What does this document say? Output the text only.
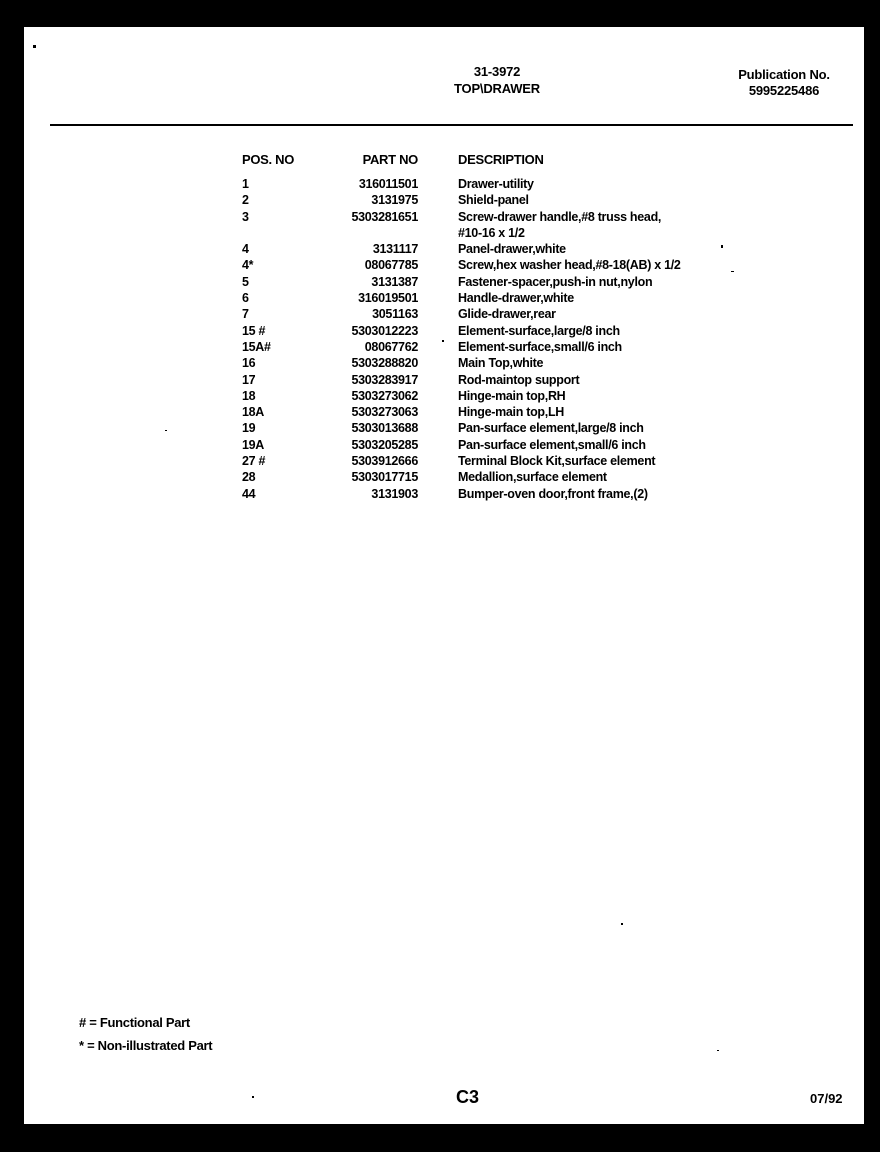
31-3972
TOP\DRAWER
Publication No.
5995225486
POS. NO	PART NO		DESCRIPTION
1	316011501		Drawer-utility
2	3131975		Shield-panel
3	5303281651		Screw-drawer handle,#8 truss head,
			#10-16 x 1/2
4	3131117		Panel-drawer,white
4*	08067785		Screw,hex washer head,#8-18(AB) x 1/2
5	3131387		Fastener-spacer,push-in nut,nylon
6	316019501		Handle-drawer,white
7	3051163		Glide-drawer,rear
15 #	5303012223		Element-surface,large/8 inch
15A#	08067762		Element-surface,small/6 inch
16	5303288820		Main Top,white
17	5303283917		Rod-maintop support
18	5303273062		Hinge-main top,RH
18A	5303273063		Hinge-main top,LH
19	5303013688		Pan-surface element,large/8 inch
19A	5303205285		Pan-surface element,small/6 inch
27 #	5303912666		Terminal Block Kit,surface element
28	5303017715		Medallion,surface element
44	3131903		Bumper-oven door,front frame,(2)
# = Functional Part
* = Non-illustrated Part
C3	07/92
